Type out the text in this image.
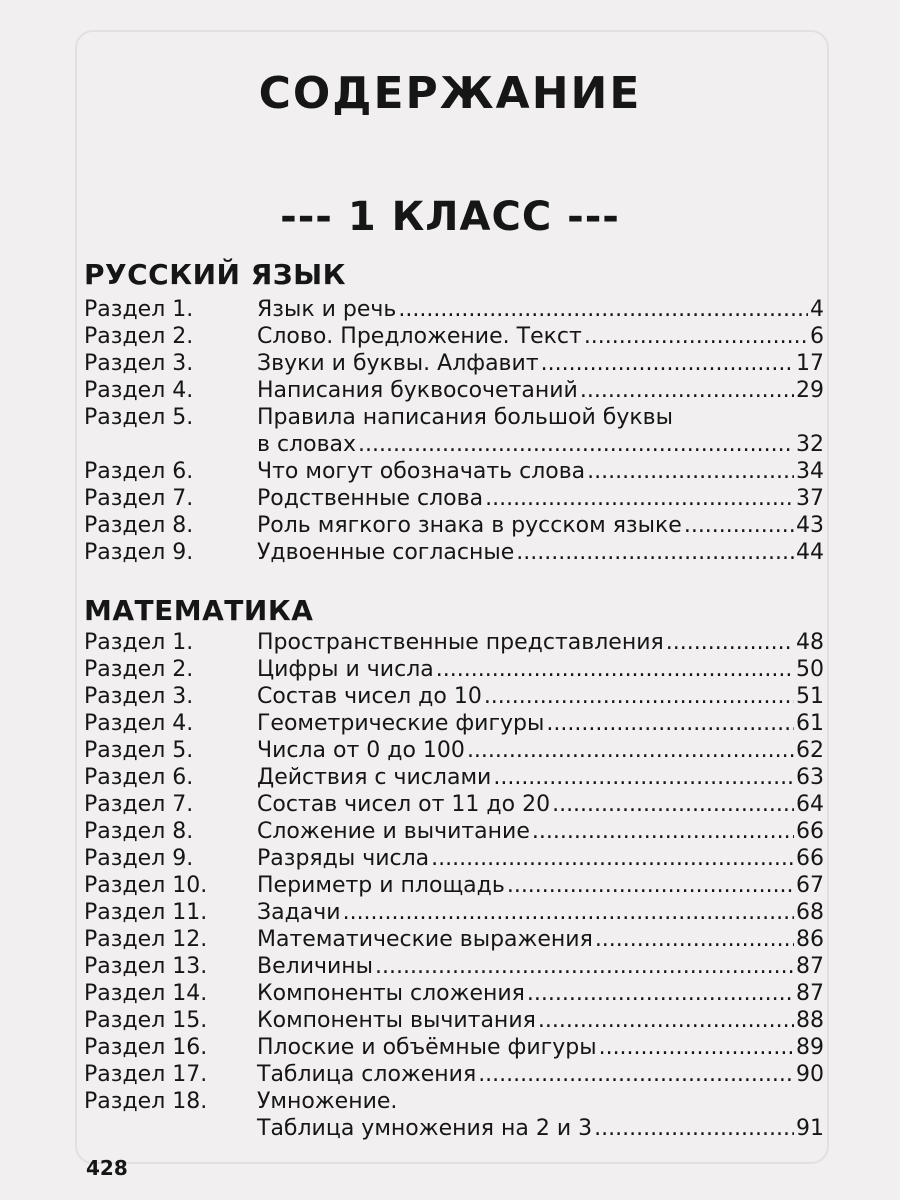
СОДЕРЖАНИЕ
--- 1 КЛАСС ---
РУССКИЙ ЯЗЫК
Раздел 1.	Язык и речь .....	4
Раздел 2.	Слово. Предложение. Текст .....	6
Раздел 3.	Звуки и буквы. Алфавит .....	17
Раздел 4.	Написания буквосочетаний .....	29
Раздел 5.	Правила написания большой буквы
в словах .....	32
Раздел 6.	Что могут обозначать слова .....	34
Раздел 7.	Родственные слова .....	37
Раздел 8.	Роль мягкого знака в русском языке .....	43
Раздел 9.	Удвоенные согласные .....	44
МАТЕМАТИКА
Раздел 1.	Пространственные представления .....	48
Раздел 2.	Цифры и числа .....	50
Раздел 3.	Состав чисел до 10 .....	51
Раздел 4.	Геометрические фигуры .....	61
Раздел 5.	Числа от 0 до 100 .....	62
Раздел 6.	Действия с числами .....	63
Раздел 7.	Состав чисел от 11 до 20 .....	64
Раздел 8.	Сложение и вычитание .....	66
Раздел 9.	Разряды числа .....	66
Раздел 10. Периметр и площадь .....	67
Раздел 11. Задачи .....	68
Раздел 12. Математические выражения .....	86
Раздел 13. Величины .....	87
Раздел 14. Компоненты сложения .....	87
Раздел 15. Компоненты вычитания .....	88
Раздел 16. Плоские и объёмные фигуры .....	89
Раздел 17. Таблица сложения .....	90
Раздел 18. Умножение.
Таблица умножения на 2 и 3 .....	91

428
